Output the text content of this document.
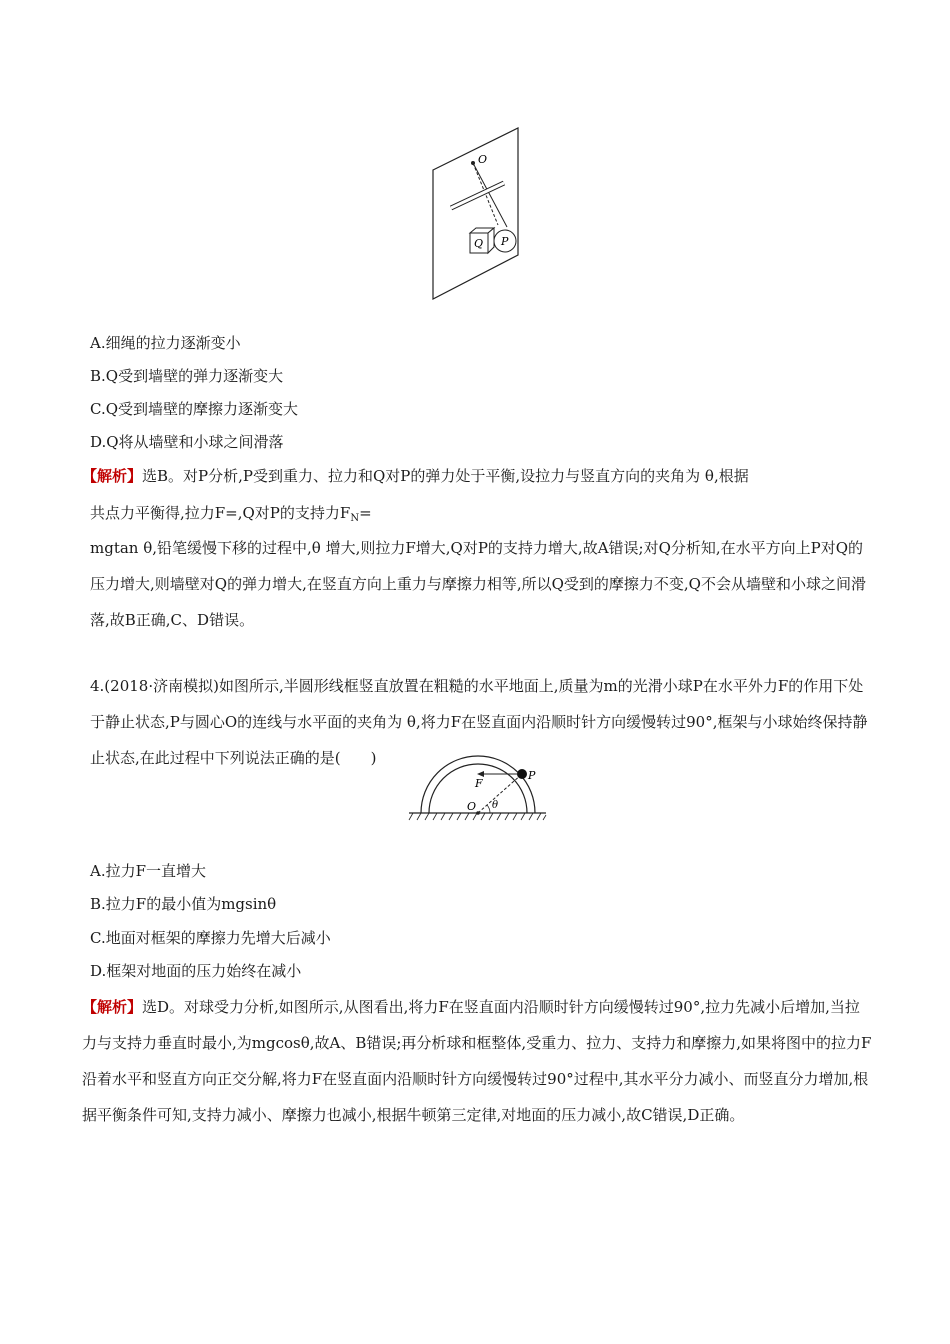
O
Q P
A.细绳的拉力逐渐变小
B.Q受到墙壁的弹力逐渐变大
C.Q受到墙壁的摩擦力逐渐变大
D.Q将从墙壁和小球之间滑落
【解析】选B。对P分析,P受到重力、拉力和Q对P的弹力处于平衡,设拉力与竖直方向的夹角为 θ,根据
共点力平衡得,拉力F=,Q对P的支持力$F_N=$
mgtan θ,铅笔缓慢下移的过程中,θ 增大,则拉力F增大,Q对P的支持力增大,故A错误;对Q分析知,在水平方向上P对Q的压力增大,则墙壁对Q的弹力增大,在竖直方向上重力与摩擦力相等,所以Q受到的摩擦力不变,Q不会从墙壁和小球之间滑落,故B正确,C、D错误。
4.(2018·济南模拟)如图所示,半圆形线框竖直放置在粗糙的水平地面上,质量为m的光滑小球P在水平外力F的作用下处于静止状态,P与圆心O的连线与水平面的夹角为 θ,将力F在竖直面内沿顺时针方向缓慢转过90°,框架与小球始终保持静止状态,在此过程中下列说法正确的是(　　)
F
P
O θ
A.拉力F一直增大
B.拉力F的最小值为mgsinθ
C.地面对框架的摩擦力先增大后减小
D.框架对地面的压力始终在减小
【解析】选D。对球受力分析,如图所示,从图看出,将力F在竖直面内沿顺时针方向缓慢转过90°,拉力先减小后增加,当拉力与支持力垂直时最小,为mgcosθ,故A、B错误;再分析球和框整体,受重力、拉力、支持力和摩擦力,如果将图中的拉力F沿着水平和竖直方向正交分解,将力F在竖直面内沿顺时针方向缓慢转过90°过程中,其水平分力减小、而竖直分力增加,根据平衡条件可知,支持力减小、摩擦力也减小,根据牛顿第三定律,对地面的压力减小,故C错误,D正确。
